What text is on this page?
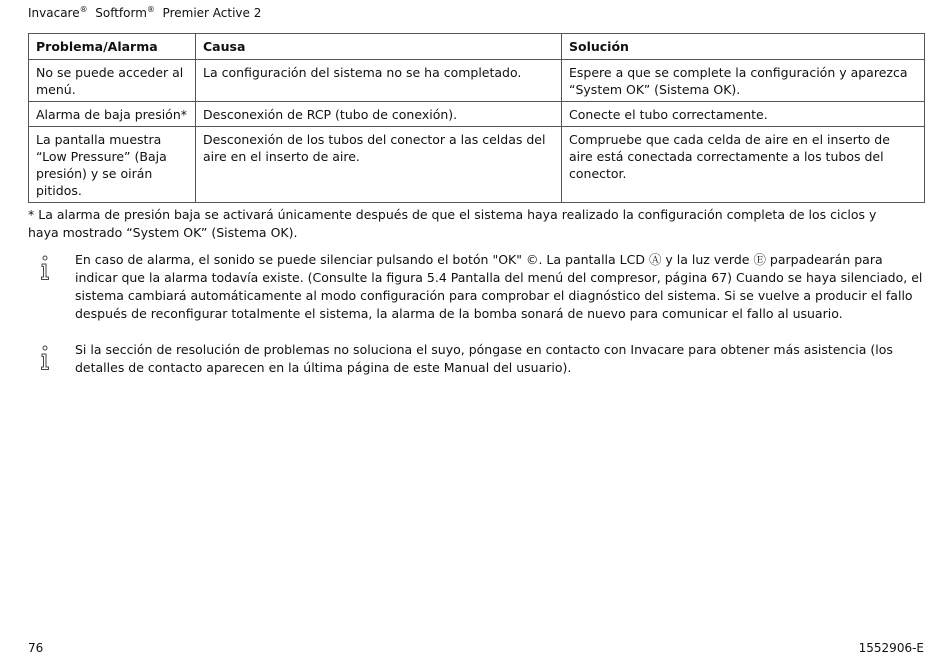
Invacare® Softform® Premier Active 2
Problema/Alarma	Causa	Solución
No se puede acceder al menú.	La configuración del sistema no se ha completado.	Espere a que se complete la configuración y aparezca “System OK” (Sistema OK).
Alarma de baja presión*	Desconexión de RCP (tubo de conexión).	Conecte el tubo correctamente.
La pantalla muestra “Low Pressure” (Baja presión) y se oirán pitidos.	Desconexión de los tubos del conector a las celdas del aire en el inserto de aire.	Compruebe que cada celda de aire en el inserto de aire está conectada correctamente a los tubos del conector.
* La alarma de presión baja se activará únicamente después de que el sistema haya realizado la configuración completa de los ciclos y haya mostrado “System OK” (Sistema OK).
En caso de alarma, el sonido se puede silenciar pulsando el botón "OK" ©. La pantalla LCD Ⓐ y la luz verde Ⓔ parpadearán para indicar que la alarma todavía existe. (Consulte la figura 5.4 Pantalla del menú del compresor, página 67) Cuando se haya silenciado, el sistema cambiará automáticamente al modo configuración para comprobar el diagnóstico del sistema. Si se vuelve a producir el fallo después de reconfigurar totalmente el sistema, la alarma de la bomba sonará de nuevo para comunicar el fallo al usuario.
Si la sección de resolución de problemas no soluciona el suyo, póngase en contacto con Invacare para obtener más asistencia (los detalles de contacto aparecen en la última página de este Manual del usuario).
76	1552906-E
